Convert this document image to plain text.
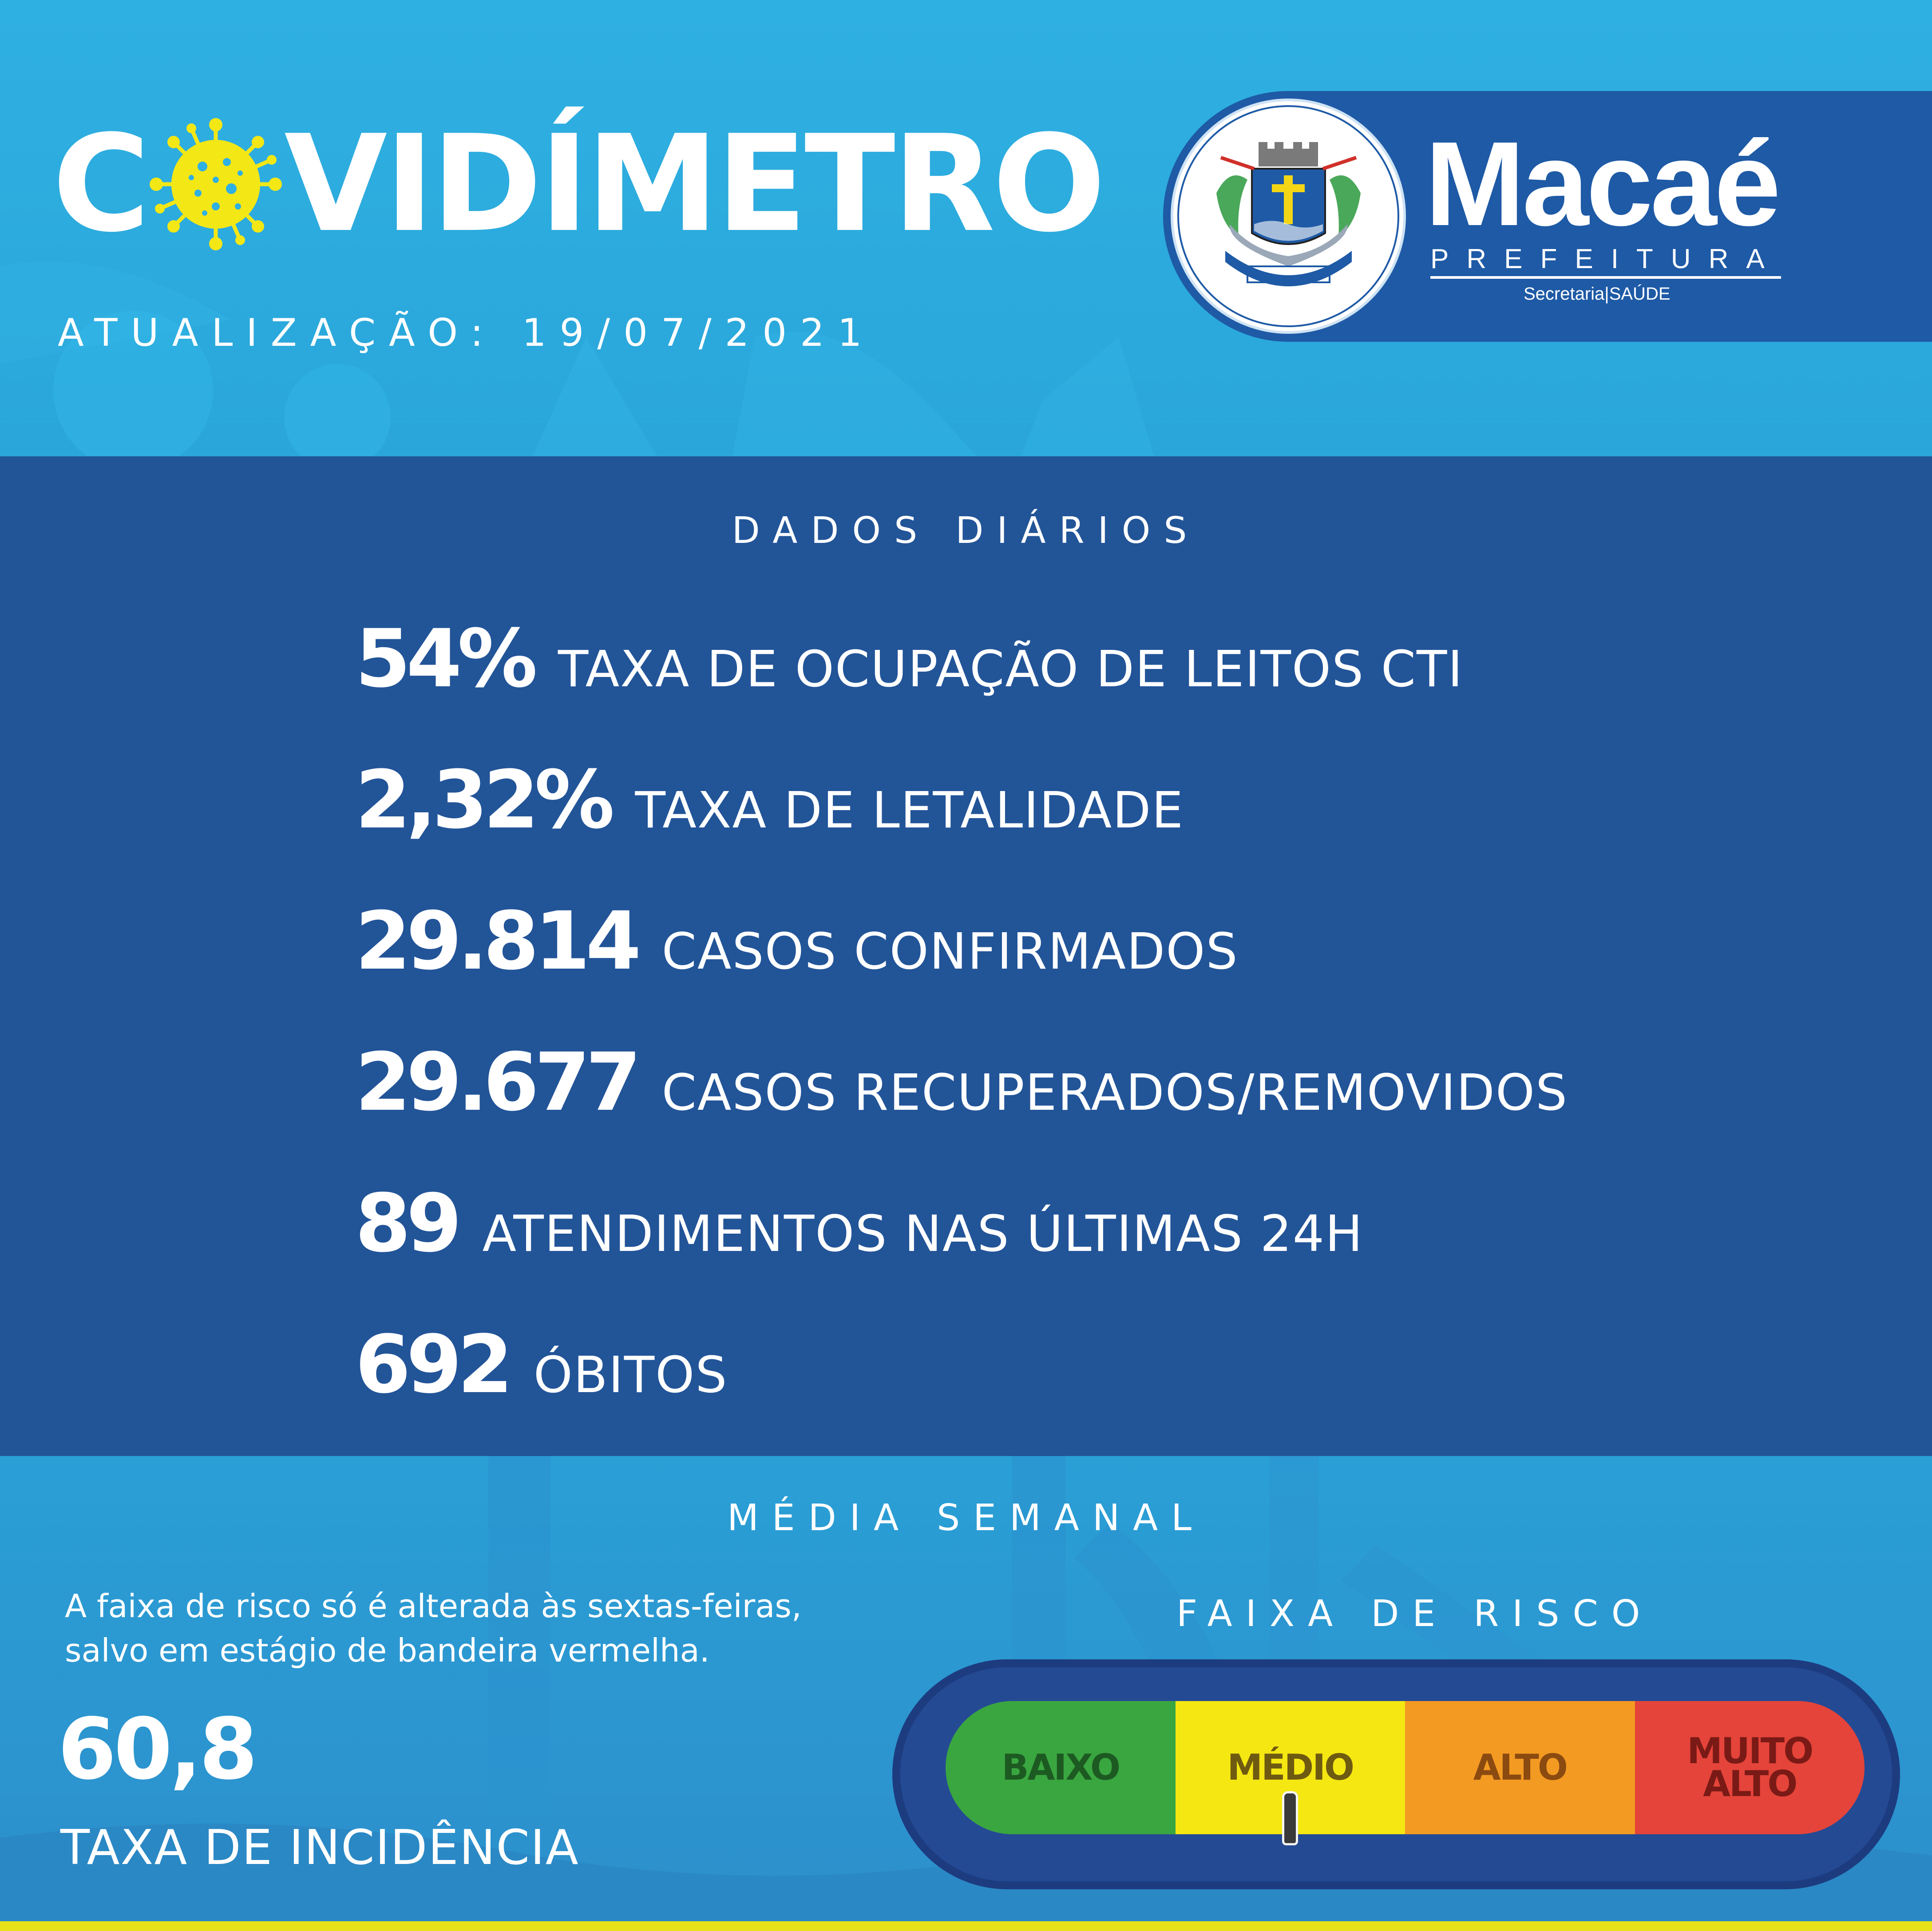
C VIDÍMETRO
ATUALIZAÇÃO: 19/07/2021
Macaé
PREFEITURA
Secretaria|SAÚDE
DADOS DIÁRIOS
54% TAXA DE OCUPAÇÃO DE LEITOS CTI
2,32% TAXA DE LETALIDADE
29.814 CASOS CONFIRMADOS
29.677 CASOS RECUPERADOS/REMOVIDOS
89 ATENDIMENTOS NAS ÚLTIMAS 24H
692 ÓBITOS
MÉDIA SEMANAL
A faixa de risco só é alterada às sextas-feiras,
salvo em estágio de bandeira vermelha.
60,8
TAXA DE INCIDÊNCIA
FAIXA DE RISCO
BAIXO	MÉDIO	ALTO	MUITO ALTO
